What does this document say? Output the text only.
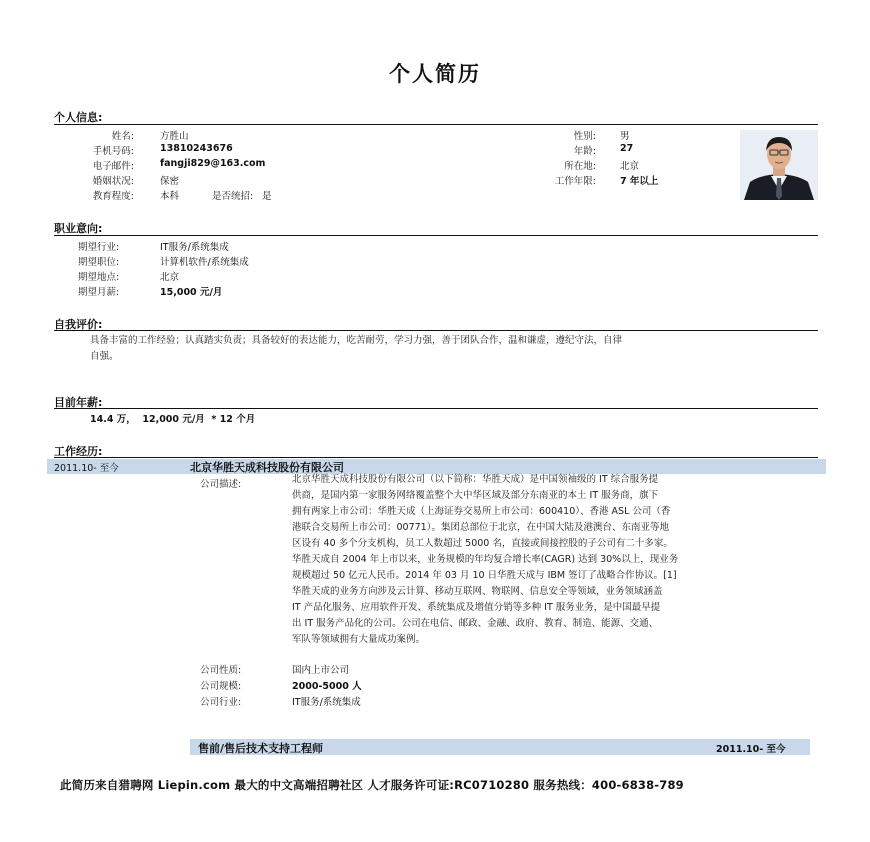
个人简历
个人信息:
姓名:	方胜山	性别:	男
手机号码:	13810243676	年龄:	27
电子邮件:	fangji829@163.com	所在地:	北京
婚姻状况:	保密	工作年限:	7 年以上
教育程度:	本科	是否统招: 是
职业意向:
期望行业:	IT服务/系统集成
期望职位:	计算机软件/系统集成
期望地点:	北京
期望月薪:	15,000 元/月
自我评价:
具备丰富的工作经验；认真踏实负责；具备较好的表达能力，吃苦耐劳，学习力强，善于团队合作，温和谦虚，遵纪守法，自律
自强。
目前年薪:
14.4 万，  12,000 元/月  * 12 个月
工作经历:
2011.10- 至今	北京华胜天成科技股份有限公司
公司描述:	北京华胜天成科技股份有限公司（以下简称：华胜天成）是中国领袖级的 IT 综合服务提
供商，是国内第一家服务网络覆盖整个大中华区域及部分东南亚的本土 IT 服务商，旗下
拥有两家上市公司：华胜天成（上海证券交易所上市公司：600410）、香港 ASL 公司（香
港联合交易所上市公司：00771）。集团总部位于北京，在中国大陆及港澳台、东南亚等地
区设有 40 多个分支机构，员工人数超过 5000 名，直接或间接控股的子公司有二十多家。
华胜天成自 2004 年上市以来，业务规模的年均复合增长率(CAGR) 达到 30%以上，现业务
规模超过 50 亿元人民币。2014 年 03 月 10 日华胜天成与 IBM 签订了战略合作协议。[1]
华胜天成的业务方向涉及云计算、移动互联网、物联网、信息安全等领域，业务领域涵盖
IT 产品化服务、应用软件开发、系统集成及增值分销等多种 IT 服务业务，是中国最早提
出 IT 服务产品化的公司。公司在电信、邮政、金融、政府、教育、制造、能源、交通、
军队等领域拥有大量成功案例。
公司性质:	国内上市公司
公司规模:	2000-5000 人
公司行业:	IT服务/系统集成
售前/售后技术支持工程师	2011.10- 至今
此简历来自猎聘网 Liepin.com 最大的中文高端招聘社区 人才服务许可证:RC0710280 服务热线：400-6838-789
